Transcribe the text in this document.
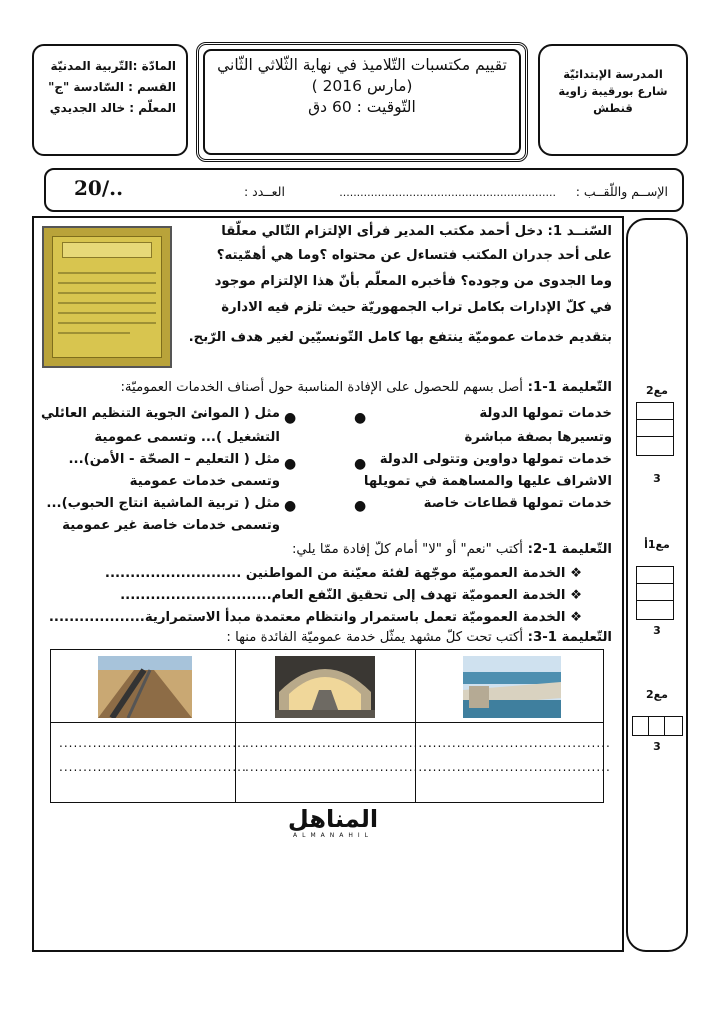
المدرسة الإبتدائيّة
شارع بورقيبة زاوية
قنطش
تقييم مكتسبات التّلاميذ في نهاية الثّلاثي الثّاني
(مارس 2016 )
التّوقيت : 60 دق
المادّة :التّربية المدنيّة
القسم : السّادسة "ج"
المعلّم : خالد الجديدي
الإســم واللّقــب :
..............................................................
العــدد :
20/..
السّنــد 1: دخل أحمد مكتب المدير فرأى الإلتزام التّالي معلّقا
على أحد جدران المكتب فتساءل عن محتواه ؟وما هي أهمّيته؟
وما الجدوى من وجوده؟ فأخبره المعلّم بأنّ هذا الإلتزام موجود
في كلّ الإدارات بكامل تراب الجمهوريّة حيث تلزم فيه الادارة
بتقديم خدمات عموميّة ينتفع بها كامل التّونسيّين لغير هدف الرّبح.
التّعليمة 1-1: أصل بسهم للحصول على الإفادة المناسبة حول أصناف الخدمات العموميّة:
خدمات تمولها الدولة
وتسيرها بصفة مباشرة
خدمات تمولها دواوين وتتولى الدولة
الاشراف عليها والمساهمة في تمويلها
خدمات تمولها قطاعات خاصة
●
●
●
●
●
●
مثل ( الموانئ الجوية التنظيم العائلي
التشغيل )... وتسمى عمومية
مثل ( التعليم – الصحّة - الأمن)...
وتسمى خدمات عمومية
مثل ( تربية الماشية انتاج الحبوب)...
وتسمى خدمات خاصة غير عمومية
التّعليمة 1-2: أكتب "نعم" أو "لا" أمام كلّ إفادة ممّا يلي:
❖ الخدمة العموميّة موجّهة لفئة معيّنة من المواطنين ...........................
❖ الخدمة العموميّة تهدف إلى تحقيق النّفع العام..............................
❖ الخدمة العموميّة تعمل باستمرار وانتظام معتمدة مبدأ الاستمرارية...................
التّعليمة 1-3: أكتب تحت كلّ مشهد يمثّل خدمة عموميّة الفائدة منها :
.......................................
.......................................
.......................................
.......................................
.......................................
.......................................
مع2
3
مع1أ
3
مع2
3
المناهل
ALMANAHIL
